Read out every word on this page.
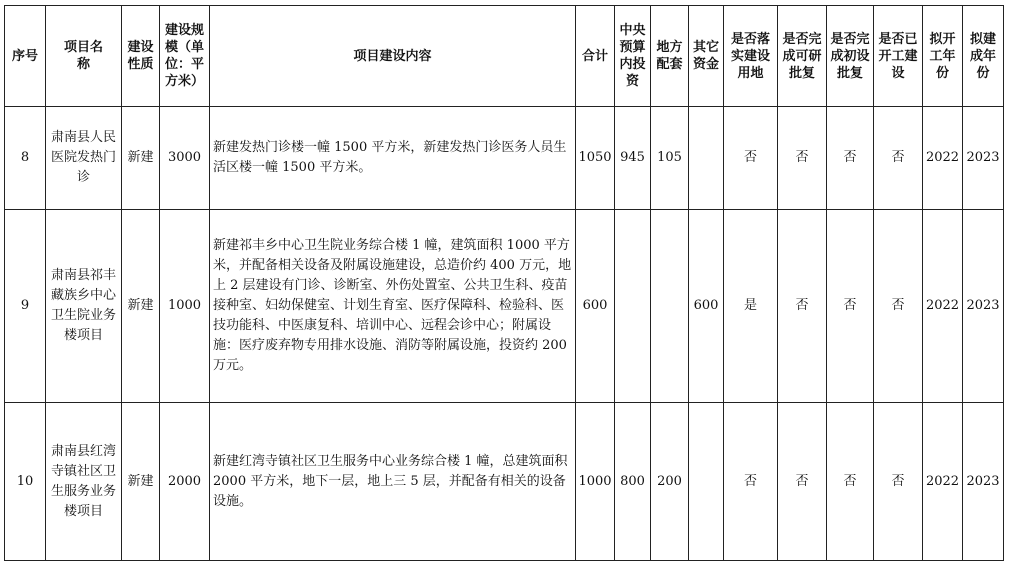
序号	项目名称	建设性质	建设规模（单位：平方米）	项目建设内容	合计	中央预算内投资	地方配套	其它资金	是否落实建设用地	是否完成可研批复	是否完成初设批复	是否已开工建设	拟开工年份	拟建成年份
8	肃南县人民医院发热门诊	新建	3000	新建发热门诊楼一幢 1500 平方米，新建发热门诊医务人员生活区楼一幢 1500 平方米。	1050	945	105		否	否	否	否	2022	2023
9	肃南县祁丰藏族乡中心卫生院业务楼项目	新建	1000	新建祁丰乡中心卫生院业务综合楼 1 幢，建筑面积 1000 平方米，并配备相关设备及附属设施建设，总造价约 400 万元，地上 2 层建设有门诊、诊断室、外伤处置室、公共卫生科、疫苗接种室、妇幼保健室、计划生育室、医疗保障科、检验科、医技功能科、中医康复科、培训中心、远程会诊中心；附属设施：医疗废弃物专用排水设施、消防等附属设施，投资约 200 万元。	600			600	是	否	否	否	2022	2023
10	肃南县红湾寺镇社区卫生服务业务楼项目	新建	2000	新建红湾寺镇社区卫生服务中心业务综合楼 1 幢，总建筑面积 2000 平方米，地下一层，地上三 5 层，并配备有相关的设备设施。	1000	800	200		否	否	否	否	2022	2023
